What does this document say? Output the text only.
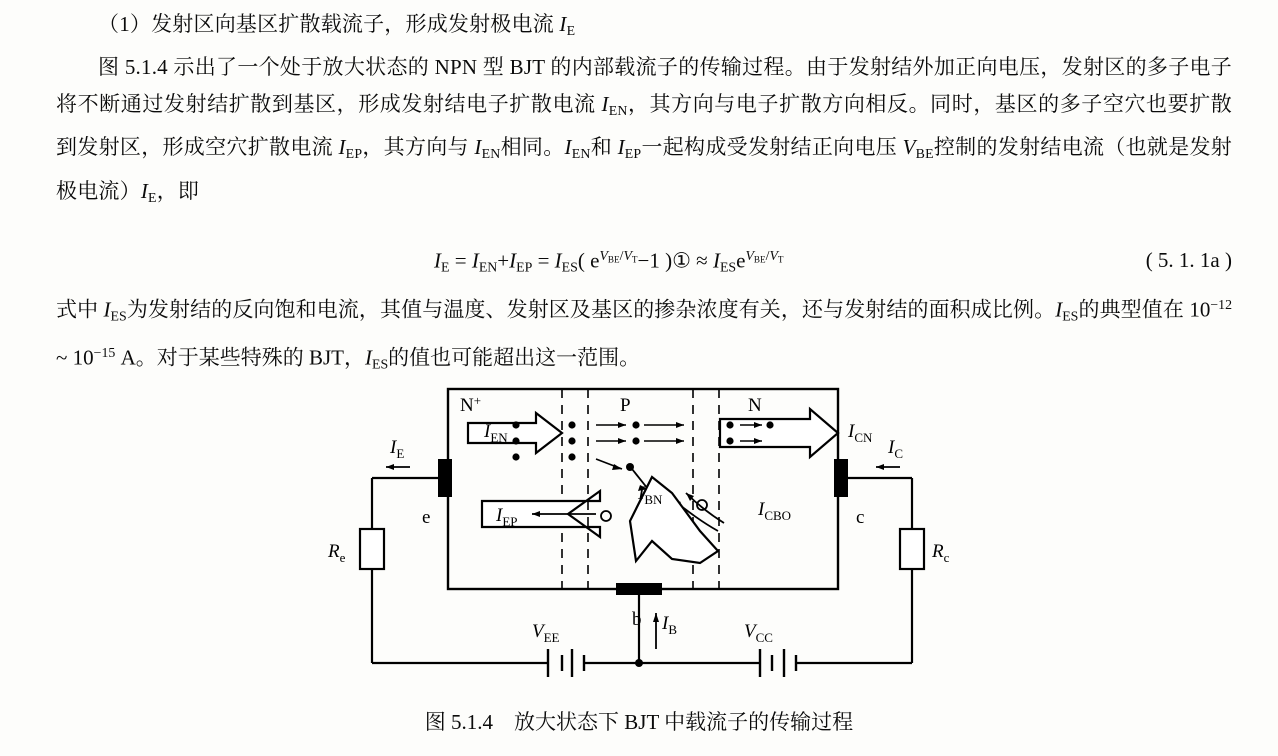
（1）发射区向基区扩散载流子，形成发射极电流 $I_E$

图 5.1.4 示出了一个处于放大状态的 NPN 型 BJT 的内部载流子的传输过程。由于发射结外加正向电压，发射区的多子电子将不断通过发射结扩散到基区，形成发射结电子扩散电流 $I_{EN}$，其方向与电子扩散方向相反。同时，基区的多子空穴也要扩散到发射区，形成空穴扩散电流 $I_{EP}$，其方向与 $I_{EN}$相同。$I_{EN}$和 $I_{EP}$一起构成受发射结正向电压 $V_{BE}$控制的发射结电流（也就是发射极电流）$I_E$，即

$I_E = I_{EN}+I_{EP} = I_{ES}$( $e^{V_{BE}/V_T}-1$ )① ≈ $I_{ES}e^{V_{BE}/V_T}$	( 5. 1. 1a )
式中 $I_{ES}$为发射结的反向饱和电流，其值与温度、发射区及基区的掺杂浓度有关，还与发射结的面积成比例。$I_{ES}$的典型值在 $10^{-12}$ ~ $10^{-15}$ A。对于某些特殊的 BJT，$I_{ES}$的值也可能超出这一范围。
N+	P	N
$I_{EN}$	$I_{CN}$
$I_E$	$I_C$
$I_{BN}$
$I_{EP}$
$I_{CBO}$
e	c
b $I_B$
$R_e$	$R_c$
$V_{EE}$	$V_{CC}$
图 5.1.4　放大状态下 BJT 中载流子的传输过程
